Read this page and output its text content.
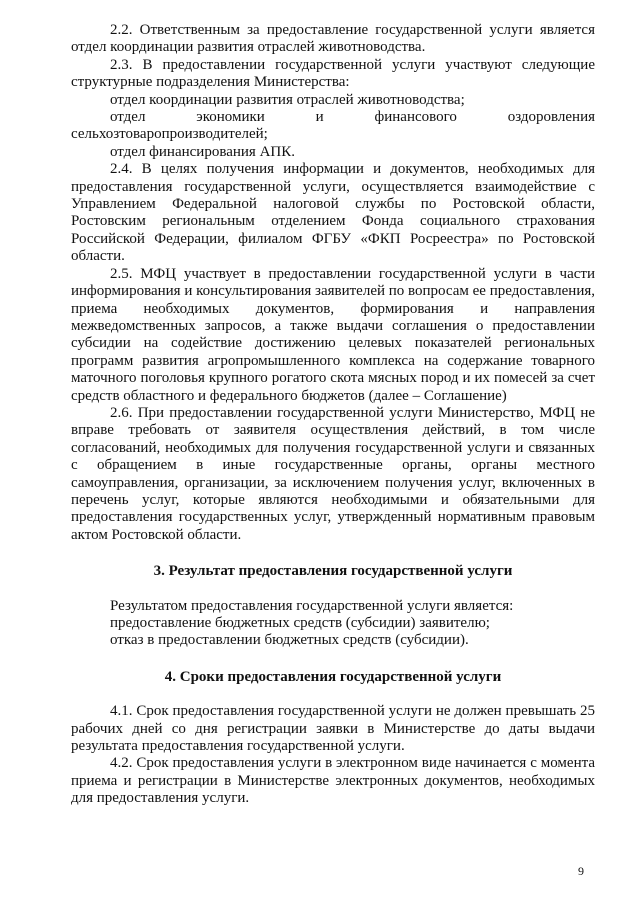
2.2. Ответственным за предоставление государственной услуги является отдел координации развития отраслей животноводства.

2.3. В предоставлении государственной услуги участвуют следующие структурные подразделения Министерства:

отдел координации развития отраслей животноводства;

отдел экономики и финансового оздоровления

сельхозтоваропроизводителей;

отдел финансирования АПК.

2.4. В целях получения информации и документов, необходимых для предоставления государственной услуги, осуществляется взаимодействие с Управлением Федеральной налоговой службы по Ростовской области, Ростовским региональным отделением Фонда социального страхования Российской Федерации, филиалом ФГБУ «ФКП Росреестра» по Ростовской области.

2.5. МФЦ участвует в предоставлении государственной услуги в части информирования и консультирования заявителей по вопросам ее предоставления, приема необходимых документов, формирования и направления межведомственных запросов, а также выдачи соглашения о предоставлении субсидии на содействие достижению целевых показателей региональных программ развития агропромышленного комплекса на содержание товарного маточного поголовья крупного рогатого скота мясных пород и их помесей за счет средств областного и федерального бюджетов (далее – Соглашение)

2.6. При предоставлении государственной услуги Министерство, МФЦ не вправе требовать от заявителя осуществления действий, в том числе согласований, необходимых для получения государственной услуги и связанных с обращением в иные государственные органы, органы местного самоуправления, организации, за исключением получения услуг, включенных в перечень услуг, которые являются необходимыми и обязательными для предоставления государственных услуг, утвержденный нормативным правовым актом Ростовской области.

3. Результат предоставления государственной услуги

Результатом предоставления государственной услуги является:

предоставление бюджетных средств (субсидии) заявителю;

отказ в предоставлении бюджетных средств (субсидии).

4. Сроки предоставления государственной услуги

4.1. Срок предоставления государственной услуги не должен превышать 25 рабочих дней со дня регистрации заявки в Министерстве до даты выдачи результата предоставления государственной услуги.

4.2. Срок предоставления услуги в электронном виде начинается с момента приема и регистрации в Министерстве электронных документов, необходимых для предоставления услуги.

9
